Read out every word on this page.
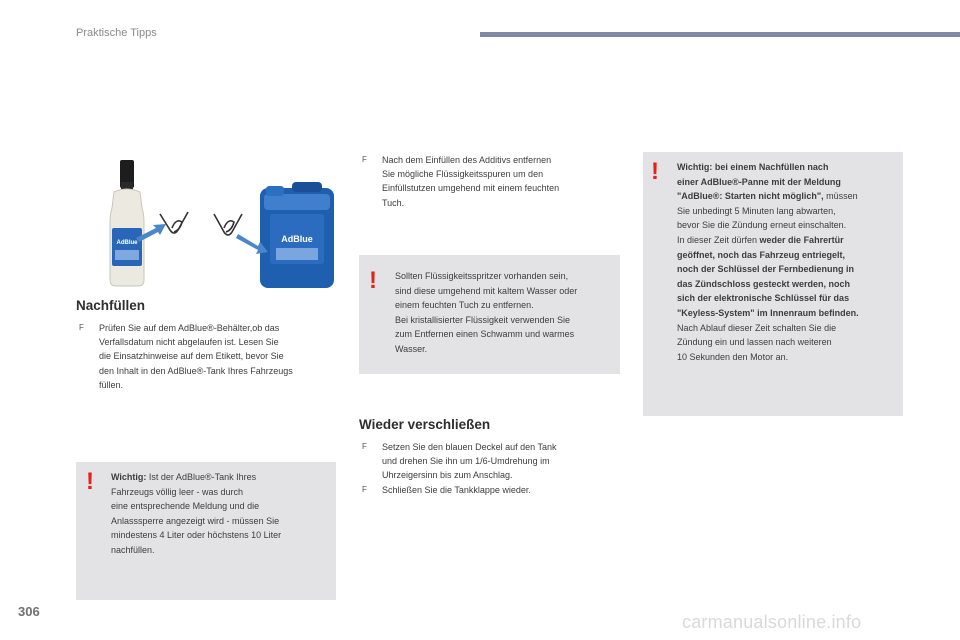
Praktische Tipps
AdBlue	AdBlue
Nachfüllen
F Prüfen Sie auf dem AdBlue®-Behälter,ob das
Verfallsdatum nicht abgelaufen ist. Lesen Sie
die Einsatzhinweise auf dem Etikett, bevor Sie
den Inhalt in den AdBlue®-Tank Ihres Fahrzeugs
füllen.
! Wichtig: Ist der AdBlue®-Tank Ihres
Fahrzeugs völlig leer - was durch
eine entsprechende Meldung und die
Anlasssperre angezeigt wird - müssen Sie
mindestens 4 Liter oder höchstens 10 Liter
nachfüllen.
F Nach dem Einfüllen des Additivs entfernen
Sie mögliche Flüssigkeitsspuren um den
Einfüllstutzen umgehend mit einem feuchten
Tuch.
! Sollten Flüssigkeitsspritzer vorhanden sein,
sind diese umgehend mit kaltem Wasser oder
einem feuchten Tuch zu entfernen.
Bei kristallisierter Flüssigkeit verwenden Sie
zum Entfernen einen Schwamm und warmes
Wasser.
Wieder verschließen
F Setzen Sie den blauen Deckel auf den Tank
und drehen Sie ihn um 1/6-Umdrehung im
Uhrzeigersinn bis zum Anschlag.
F Schließen Sie die Tankklappe wieder.
! Wichtig: bei einem Nachfüllen nach
einer AdBlue®-Panne mit der Meldung
"AdBlue®: Starten nicht möglich", müssen
Sie unbedingt 5 Minuten lang abwarten,
bevor Sie die Zündung erneut einschalten.
In dieser Zeit dürfen weder die Fahrertür
geöffnet, noch das Fahrzeug entriegelt,
noch der Schlüssel der Fernbedienung in
das Zündschloss gesteckt werden, noch
sich der elektronische Schlüssel für das
"Keyless-System" im Innenraum befinden.
Nach Ablauf dieser Zeit schalten Sie die
Zündung ein und lassen nach weiteren
10 Sekunden den Motor an.
306
carmanualsonline.info
